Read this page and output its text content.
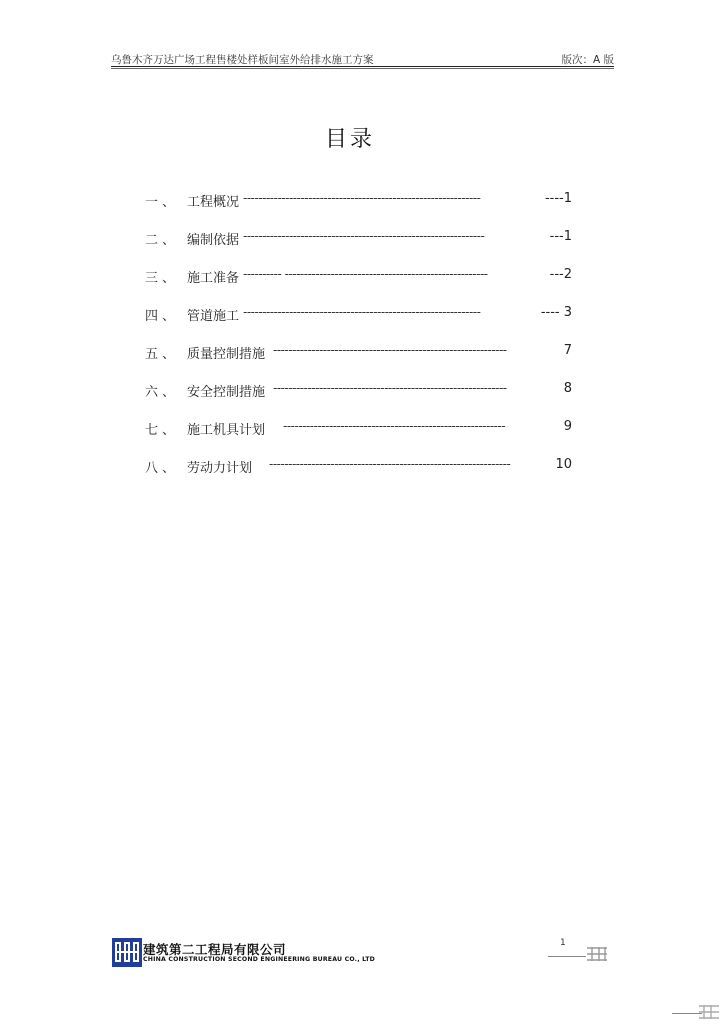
乌鲁木齐万达广场工程售楼处样板间室外给排水施工方案	版次：A 版
目录
一、 工程概况 --------------------------------------------------------------	----1
二、 编制依据 ---------------------------------------------------------------	---1
三、 施工准备 ---------- -----------------------------------------------------	---2
四、 管道施工 --------------------------------------------------------------	---- 3
五、 质量控制措施 -------------------------------------------------------------	7
六、 安全控制措施 -------------------------------------------------------------	8
七、 施工机具计划 ----------------------------------------------------------	9
八、 劳动力计划 ---------------------------------------------------------------	10
建筑第二工程局有限公司
CHINA CONSTRUCTION SECOND ENGINEERING BUREAU CO., LTD
1
